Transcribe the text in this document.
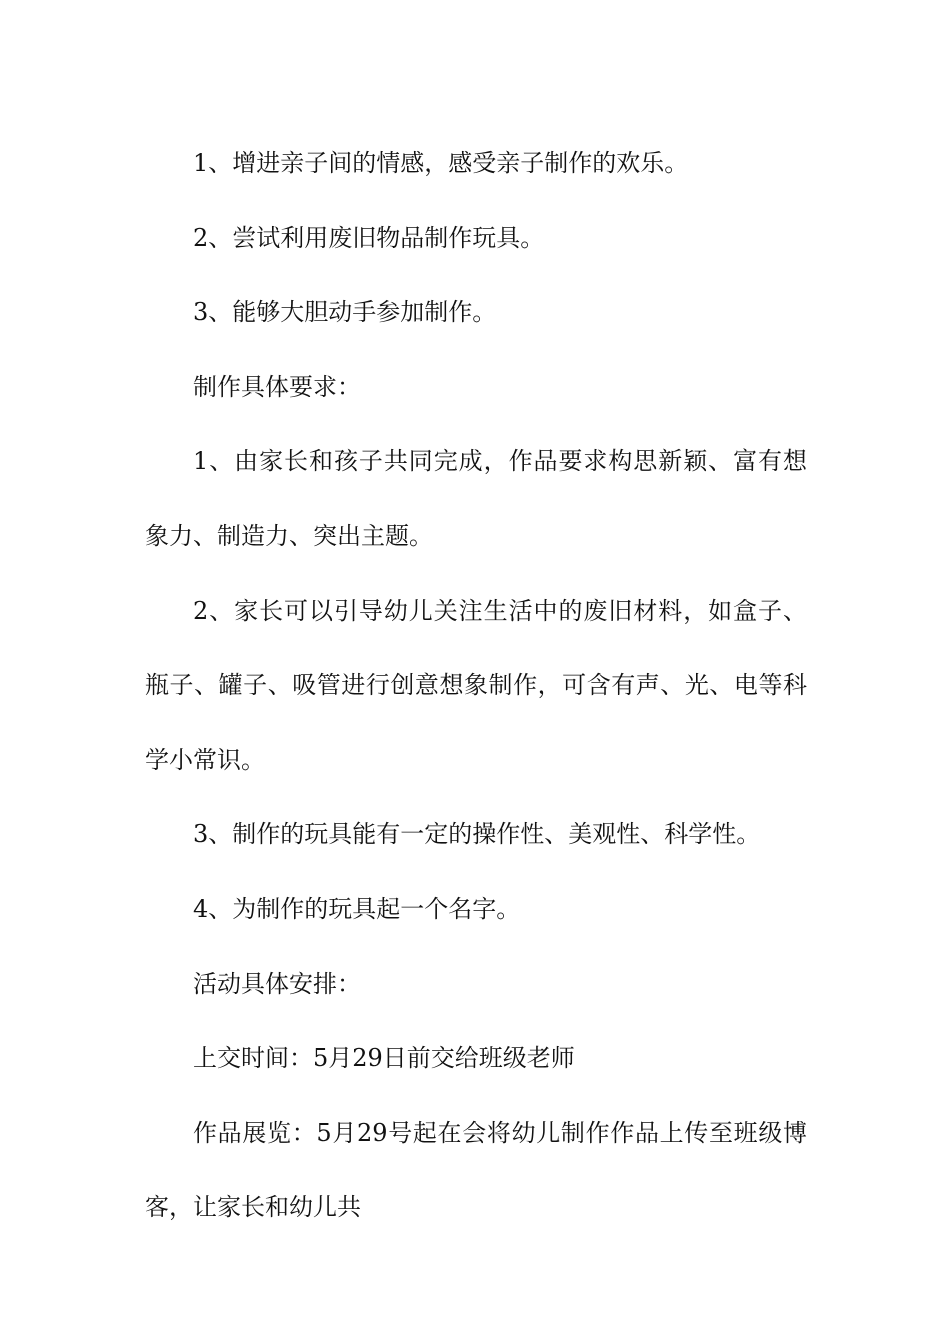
1、增进亲子间的情感，感受亲子制作的欢乐。

2、尝试利用废旧物品制作玩具。

3、能够大胆动手参加制作。

制作具体要求：

1、由家长和孩子共同完成，作品要求构思新颖、富有想象力、制造力、突出主题。

2、家长可以引导幼儿关注生活中的废旧材料，如盒子、瓶子、罐子、吸管进行创意想象制作，可含有声、光、电等科学小常识。

3、制作的玩具能有一定的操作性、美观性、科学性。

4、为制作的玩具起一个名字。

活动具体安排：

上交时间：5月29日前交给班级老师

作品展览：5月29号起在会将幼儿制作作品上传至班级博客，让家长和幼儿共
